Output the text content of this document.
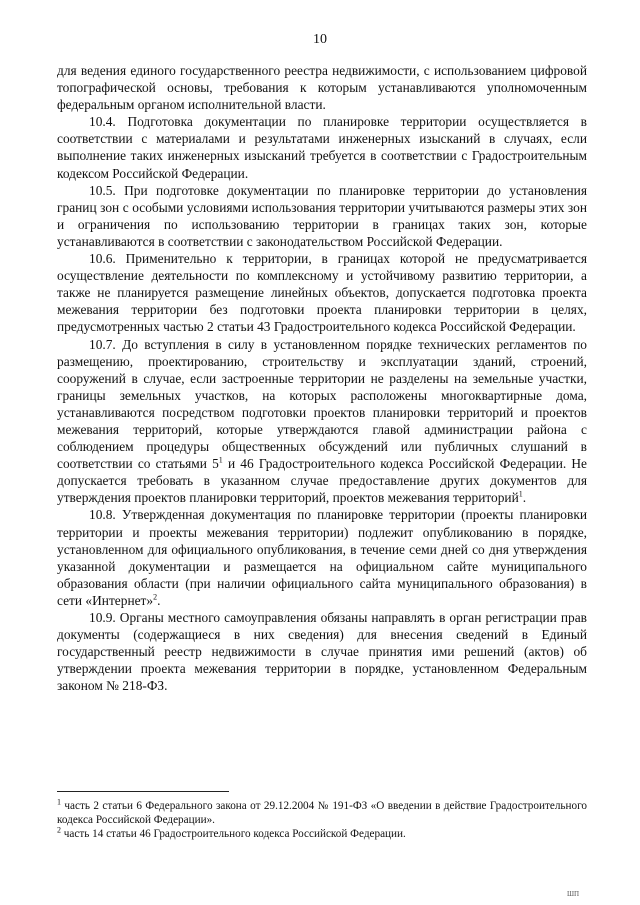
10

для ведения единого государственного реестра недвижимости, с использованием цифровой топографической основы, требования к которым устанавливаются уполномоченным федеральным органом исполнительной власти.

10.4. Подготовка документации по планировке территории осуществляется в соответствии с материалами и результатами инженерных изысканий в случаях, если выполнение таких инженерных изысканий требуется в соответствии с Градостроительным кодексом Российской Федерации.

10.5. При подготовке документации по планировке территории до установления границ зон с особыми условиями использования территории учитываются размеры этих зон и ограничения по использованию территории в границах таких зон, которые устанавливаются в соответствии с законодательством Российской Федерации.

10.6. Применительно к территории, в границах которой не предусматривается осуществление деятельности по комплексному и устойчивому развитию территории, а также не планируется размещение линейных объектов, допускается подготовка проекта межевания территории без подготовки проекта планировки территории в целях, предусмотренных частью 2 статьи 43 Градостроительного кодекса Российской Федерации.

10.7. До вступления в силу в установленном порядке технических регламентов по размещению, проектированию, строительству и эксплуатации зданий, строений, сооружений в случае, если застроенные территории не разделены на земельные участки, границы земельных участков, на которых расположены многоквартирные дома, устанавливаются посредством подготовки проектов планировки территорий и проектов межевания территорий, которые утверждаются главой администрации района с соблюдением процедуры общественных обсуждений или публичных слушаний в соответствии со статьями $5^1$ и 46 Градостроительного кодекса Российской Федерации. Не допускается требовать в указанном случае предоставление других документов для утверждения проектов планировки территорий, проектов межевания территорий$^1$.

10.8. Утвержденная документация по планировке территории (проекты планировки территории и проекты межевания территории) подлежит опубликованию в порядке, установленном для официального опубликования, в течение семи дней со дня утверждения указанной документации и размещается на официальном сайте муниципального образования области (при наличии официального сайта муниципального образования) в сети «Интернет»$^2$.

10.9. Органы местного самоуправления обязаны направлять в орган регистрации прав документы (содержащиеся в них сведения) для внесения сведений в Единый государственный реестр недвижимости в случае принятия ими решений (актов) об утверждении проекта межевания территории в порядке, установленном Федеральным законом № 218-ФЗ.

$^1$ часть 2 статьи 6 Федерального закона от 29.12.2004 № 191-ФЗ «О введении в действие Градостроительного кодекса Российской Федерации».

$^2$ часть 14 статьи 46 Градостроительного кодекса Российской Федерации.

ШП
